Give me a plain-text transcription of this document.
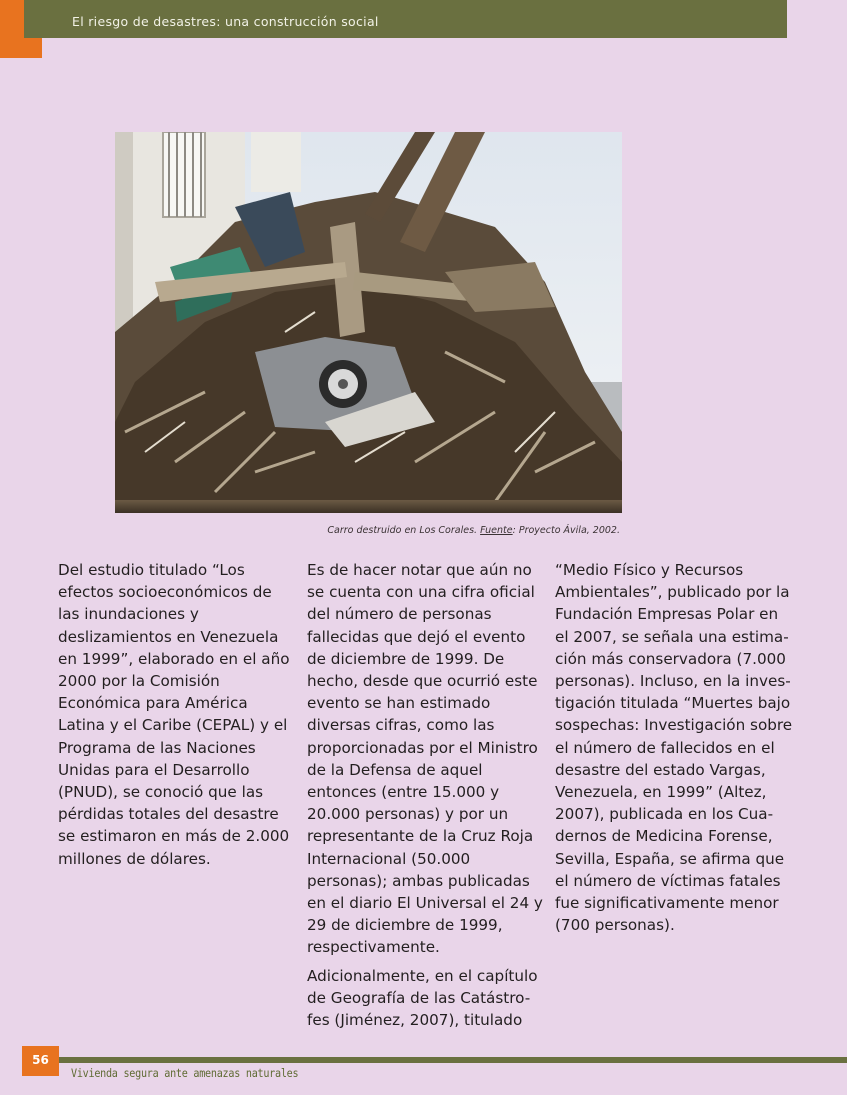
El riesgo de desastres: una construcción social
Carro destruido en Los Corales. Fuente: Proyecto Ávila, 2002.

Del estudio titulado “Los efectos socioeconómicos de las inundaciones y deslizamientos en Venezuela en 1999”, elaborado en el año 2000 por la Comisión Económica para América Latina y el Caribe (CEPAL) y el Programa de las Naciones Unidas para el Desarrollo (PNUD), se conoció que las pérdidas totales del desastre se estimaron en más de 2.000 millones de dólares.

Es de hacer notar que aún no se cuenta con una cifra oficial del número de personas fallecidas que dejó el evento de diciembre de 1999. De hecho, desde que ocurrió este evento se han estimado diversas cifras, como las proporcionadas por el Ministro de la Defensa de aquel entonces (entre 15.000 y 20.000 personas) y por un representante de la Cruz Roja Internacional (50.000 personas); ambas publicadas en el diario El Universal el 24 y 29 de diciembre de 1999, respectivamente.

Adicionalmente, en el capítulo de Geografía de las Catástro-fes (Jiménez, 2007), titulado

“Medio Físico y Recursos Ambientales”, publicado por la Fundación Empresas Polar en el 2007, se señala una estima-ción más conservadora (7.000 personas). Incluso, en la inves-tigación titulada “Muertes bajo sospechas: Investigación sobre el número de fallecidos en el desastre del estado Vargas, Venezuela, en 1999” (Altez, 2007), publicada en los Cua-dernos de Medicina Forense, Sevilla, España, se afirma que el número de víctimas fatales fue significativamente menor (700 personas).

56
Vivienda segura ante amenazas naturales
